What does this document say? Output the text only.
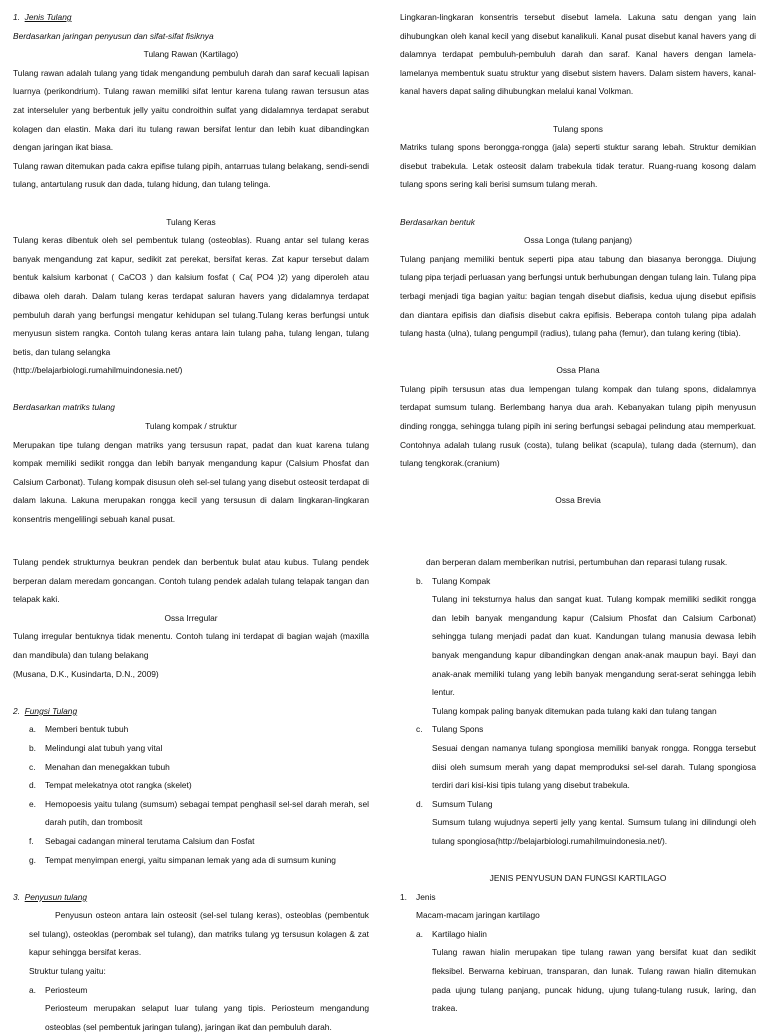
1. Jenis Tulang

Berdasarkan jaringan penyusun dan sifat-sifat fisiknya

Tulang Rawan (Kartilago)

Tulang rawan adalah tulang yang tidak mengandung pembuluh darah dan saraf kecuali lapisan luarnya (perikondrium). Tulang rawan memiliki sifat lentur karena tulang rawan tersusun atas zat interseluler yang berbentuk jelly yaitu condroithin sulfat yang didalamnya terdapat serabut kolagen dan elastin. Maka dari itu tulang rawan bersifat lentur dan lebih kuat dibandingkan dengan jaringan ikat biasa.

Tulang rawan ditemukan pada cakra epifise tulang pipih, antarruas tulang belakang, sendi-sendi tulang, antartulang rusuk dan dada, tulang hidung, dan tulang telinga.

Tulang Keras

Tulang keras dibentuk oleh sel pembentuk tulang (osteoblas). Ruang antar sel tulang keras banyak mengandung zat kapur, sedikit zat perekat, bersifat keras. Zat kapur tersebut dalam bentuk kalsium karbonat ( CaCO3 ) dan kalsium fosfat ( Ca( PO4 )2) yang diperoleh atau dibawa oleh darah. Dalam tulang keras terdapat saluran havers yang didalamnya terdapat pembuluh darah yang berfungsi mengatur kehidupan sel tulang.Tulang keras berfungsi untuk menyusun sistem rangka. Contoh tulang keras antara lain tulang paha, tulang lengan, tulang betis, dan tulang selangka

(http://belajarbiologi.rumahilmuindonesia.net/)

Berdasarkan matriks tulang

Tulang kompak / struktur

Merupakan tipe tulang dengan matriks yang tersusun rapat, padat dan kuat karena tulang kompak memiliki sedikit rongga dan lebih banyak mengandung kapur (Calsium Phosfat dan Calsium Carbonat). Tulang kompak disusun oleh sel-sel tulang yang disebut osteosit terdapat di dalam lakuna. Lakuna merupakan rongga kecil yang tersusun di dalam lingkaran-lingkaran konsentris mengelilingi sebuah kanal pusat.

Lingkaran-lingkaran konsentris tersebut disebut lamela. Lakuna satu dengan yang lain dihubungkan oleh kanal kecil yang disebut kanalikuli. Kanal pusat disebut kanal havers yang di dalamnya terdapat pembuluh-pembuluh darah dan saraf. Kanal havers dengan lamela-lamelanya membentuk suatu struktur yang disebut sistem havers. Dalam sistem havers, kanal-kanal havers dapat saling dihubungkan melalui kanal Volkman.

Tulang spons

Matriks tulang spons berongga-rongga (jala) seperti stuktur sarang lebah. Struktur demikian disebut trabekula. Letak osteosit dalam trabekula tidak teratur. Ruang-ruang kosong dalam tulang spons sering kali berisi sumsum tulang merah.

Berdasarkan bentuk

Ossa Longa (tulang panjang)

Tulang panjang memiliki bentuk seperti pipa atau tabung dan biasanya berongga. Diujung tulang pipa terjadi perluasan yang berfungsi untuk berhubungan dengan tulang lain. Tulang pipa terbagi menjadi tiga bagian yaitu: bagian tengah disebut diafisis, kedua ujung disebut epifisis dan diantara epifisis dan diafisis disebut cakra epifisis. Beberapa contoh tulang pipa adalah tulang hasta (ulna), tulang pengumpil (radius), tulang paha (femur), dan tulang kering (tibia).

Ossa Plana

Tulang pipih tersusun atas dua lempengan tulang kompak dan tulang spons, didalamnya terdapat sumsum tulang. Berlembang hanya dua arah. Kebanyakan tulang pipih menyusun dinding rongga, sehingga tulang pipih ini sering berfungsi sebagai pelindung atau memperkuat. Contohnya adalah tulang rusuk (costa), tulang belikat (scapula), tulang dada (sternum), dan tulang tengkorak.(cranium)

Ossa Brevia

Tulang pendek strukturnya beukran pendek dan berbentuk bulat atau kubus. Tulang pendek berperan dalam meredam goncangan. Contoh tulang pendek adalah tulang telapak tangan dan telapak kaki.

Ossa Irregular

Tulang irregular bentuknya tidak menentu. Contoh tulang ini terdapat di bagian wajah (maxilla dan mandibula) dan tulang belakang

(Musana, D.K., Kusindarta, D.N., 2009)

2. Fungsi Tulang

a.	Memberi bentuk tubuh
b.	Melindungi alat tubuh yang vital
c.	Menahan dan menegakkan tubuh
d.	Tempat melekatnya otot rangka (skelet)
e.	Hemopoesis yaitu tulang (sumsum) sebagai tempat penghasil sel-sel darah merah, sel darah putih, dan trombosit
f.	Sebagai cadangan mineral terutama Calsium dan Fosfat
g.	Tempat menyimpan energi, yaitu simpanan lemak yang ada di sumsum kuning

3. Penyusun tulang

Penyusun osteon antara lain osteosit (sel-sel tulang keras), osteoblas (pembentuk sel tulang), osteoklas (perombak sel tulang), dan matriks tulang yg tersusun kolagen & zat kapur sehingga bersifat keras.

Struktur tulang yaitu:

a.	Periosteum

Periosteum merupakan selaput luar tulang yang tipis. Periosteum mengandung osteoblas (sel pembentuk jaringan tulang), jaringan ikat dan pembuluh darah.

dan berperan dalam memberikan nutrisi, pertumbuhan dan reparasi tulang rusak.

b.	Tulang Kompak

Tulang ini teksturnya halus dan sangat kuat. Tulang kompak memiliki sedikit rongga dan lebih banyak mengandung kapur (Calsium Phosfat dan Calsium Carbonat) sehingga tulang menjadi padat dan kuat. Kandungan tulang manusia dewasa lebih banyak mengandung kapur dibandingkan dengan anak-anak maupun bayi. Bayi dan anak-anak memiliki tulang yang lebih banyak mengandung serat-serat sehingga lebih lentur.

Tulang kompak paling banyak ditemukan pada tulang kaki dan tulang tangan

c.	Tulang Spons

Sesuai dengan namanya tulang spongiosa memiliki banyak rongga. Rongga tersebut diisi oleh sumsum merah yang dapat memproduksi sel-sel darah. Tulang spongiosa terdiri dari kisi-kisi tipis tulang yang disebut trabekula.

d.	Sumsum Tulang

Sumsum tulang wujudnya seperti jelly yang kental. Sumsum tulang ini dilindungi oleh tulang spongiosa(http://belajarbiologi.rumahilmuindonesia.net/).

JENIS PENYUSUN DAN FUNGSI KARTILAGO

1.	Jenis

Macam-macam jaringan kartilago

a.	Kartilago hialin

Tulang rawan hialin merupakan tipe tulang rawan yang bersifat kuat dan sedikit fleksibel. Berwarna kebiruan, transparan, dan lunak. Tulang rawan hialin ditemukan pada ujung tulang panjang, puncak hidung, ujung tulang-tulang rusuk, laring, dan trakea.
